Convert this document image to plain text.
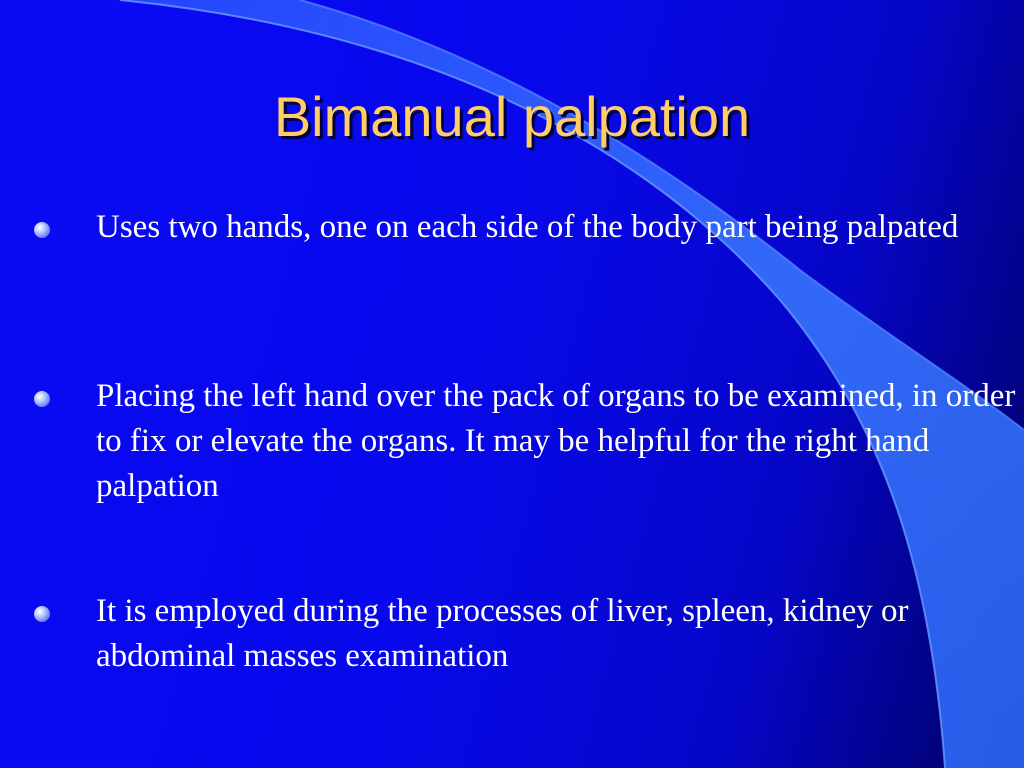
Bimanual palpation
Uses two hands, one on each side of the body part being palpated
Placing the left hand over the pack of organs to be examined, in order to fix or elevate the organs. It may be helpful for the right hand palpation
It is employed during the processes of liver, spleen, kidney or abdominal masses examination
